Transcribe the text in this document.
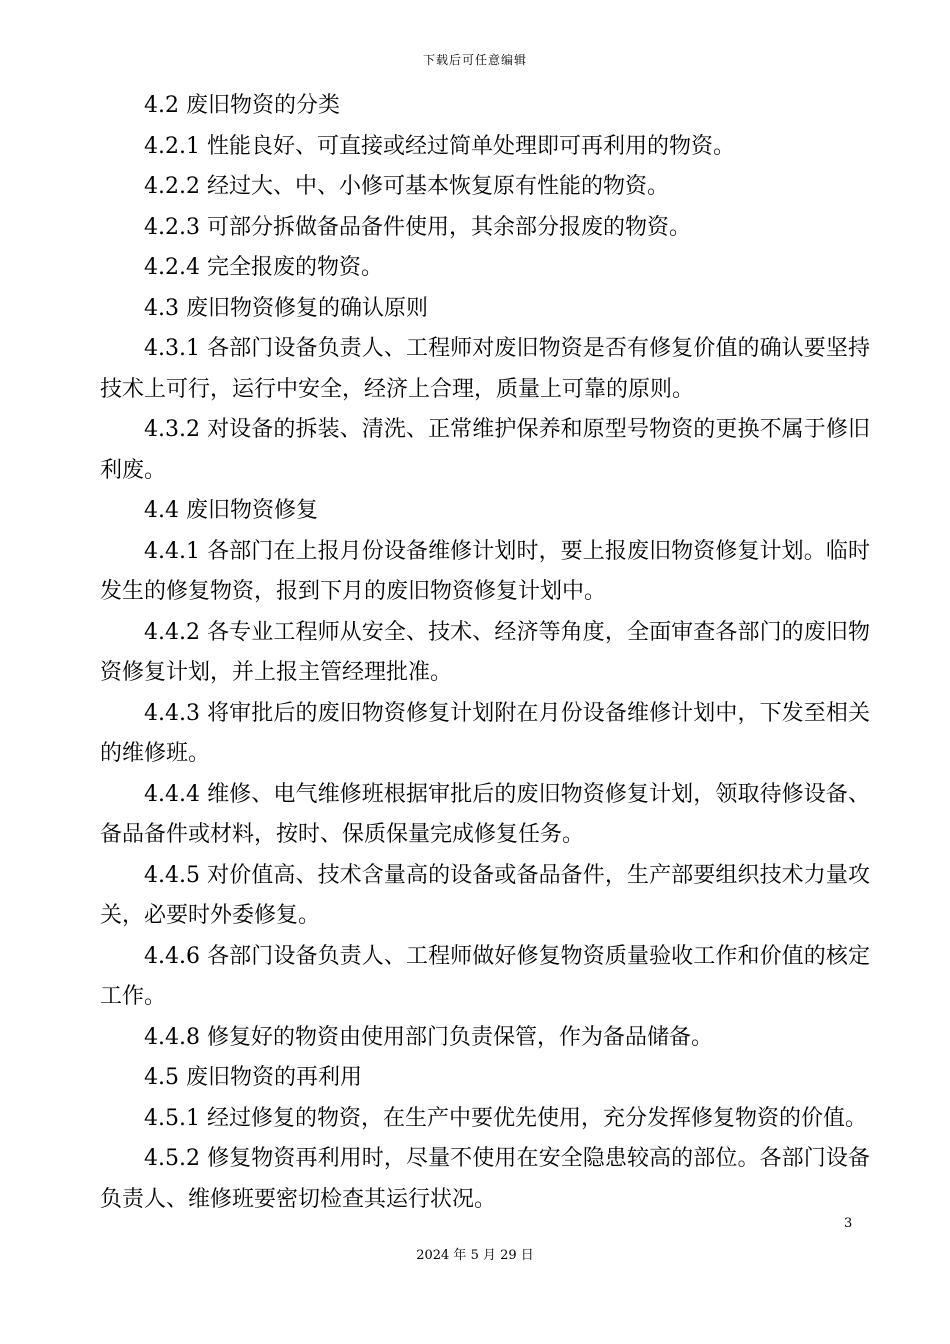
下载后可任意编辑

4.2 废旧物资的分类

4.2.1 性能良好、可直接或经过简单处理即可再利用的物资。

4.2.2 经过大、中、小修可基本恢复原有性能的物资。

4.2.3 可部分拆做备品备件使用，其余部分报废的物资。

4.2.4 完全报废的物资。

4.3 废旧物资修复的确认原则

4.3.1 各部门设备负责人、工程师对废旧物资是否有修复价值的确认要坚持技术上可行，运行中安全，经济上合理，质量上可靠的原则。

4.3.2 对设备的拆装、清洗、正常维护保养和原型号物资的更换不属于修旧利废。

4.4 废旧物资修复

4.4.1 各部门在上报月份设备维修计划时，要上报废旧物资修复计划。临时发生的修复物资，报到下月的废旧物资修复计划中。

4.4.2 各专业工程师从安全、技术、经济等角度，全面审查各部门的废旧物资修复计划，并上报主管经理批准。

4.4.3 将审批后的废旧物资修复计划附在月份设备维修计划中，下发至相关的维修班。

4.4.4 维修、电气维修班根据审批后的废旧物资修复计划，领取待修设备、备品备件或材料，按时、保质保量完成修复任务。

4.4.5 对价值高、技术含量高的设备或备品备件，生产部要组织技术力量攻关，必要时外委修复。

4.4.6 各部门设备负责人、工程师做好修复物资质量验收工作和价值的核定工作。

4.4.8 修复好的物资由使用部门负责保管，作为备品储备。

4.5 废旧物资的再利用

4.5.1 经过修复的物资，在生产中要优先使用，充分发挥修复物资的价值。

4.5.2 修复物资再利用时，尽量不使用在安全隐患较高的部位。各部门设备负责人、维修班要密切检查其运行状况。

3
2024 年 5 月 29 日
